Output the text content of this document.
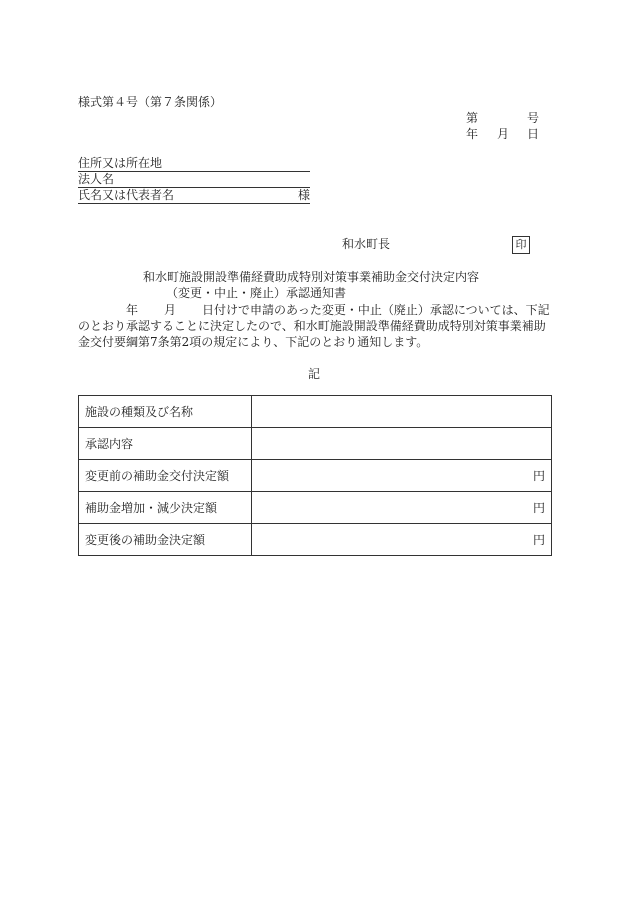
様式第４号（第７条関係）
第	号
年 月 日
住所又は所在地
法人名
氏名又は代表者名	様
和水町長	印
和水町施設開設準備経費助成特別対策事業補助金交付決定内容
（変更・中止・廃止）承認通知書
年 月 日付けで申請のあった変更・中止（廃止）承認については、下記
のとおり承認することに決定したので、和水町施設開設準備経費助成特別対策事業補助
金交付要綱第7条第2項の規定により、下記のとおり通知します。
記
施設の種類及び名称	
承認内容	
変更前の補助金交付決定額	円
補助金増加・減少決定額	円
変更後の補助金決定額	円
